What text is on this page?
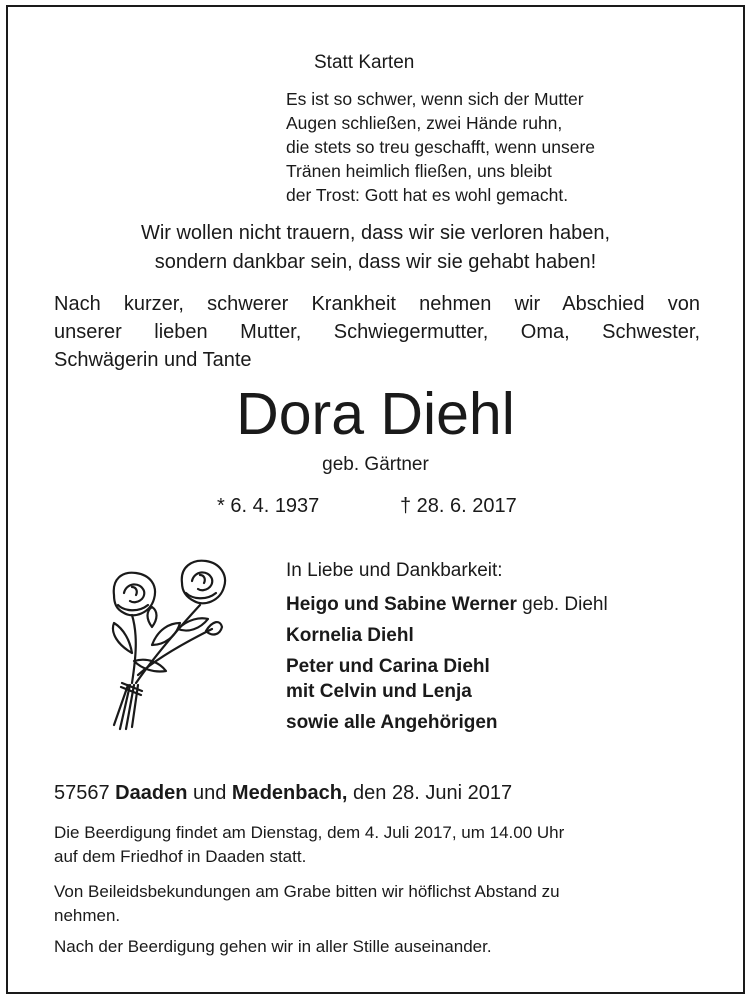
Statt Karten
Es ist so schwer, wenn sich der Mutter
Augen schließen, zwei Hände ruhn,
die stets so treu geschafft, wenn unsere
Tränen heimlich fließen, uns bleibt
der Trost: Gott hat es wohl gemacht.
Wir wollen nicht trauern, dass wir sie verloren haben,
sondern dankbar sein, dass wir sie gehabt haben!
Nach kurzer, schwerer Krankheit nehmen wir Abschied von
unserer lieben Mutter, Schwiegermutter, Oma, Schwester,
Schwägerin und Tante
Dora Diehl
geb. Gärtner
* 6. 4. 1937	† 28. 6. 2017
In Liebe und Dankbarkeit:
Heigo und Sabine Werner geb. Diehl
Kornelia Diehl
Peter und Carina Diehl
mit Celvin und Lenja
sowie alle Angehörigen
57567 Daaden und Medenbach, den 28. Juni 2017
Die Beerdigung findet am Dienstag, dem 4. Juli 2017, um 14.00 Uhr
auf dem Friedhof in Daaden statt.
Von Beileidsbekundungen am Grabe bitten wir höflichst Abstand zu
nehmen.
Nach der Beerdigung gehen wir in aller Stille auseinander.
